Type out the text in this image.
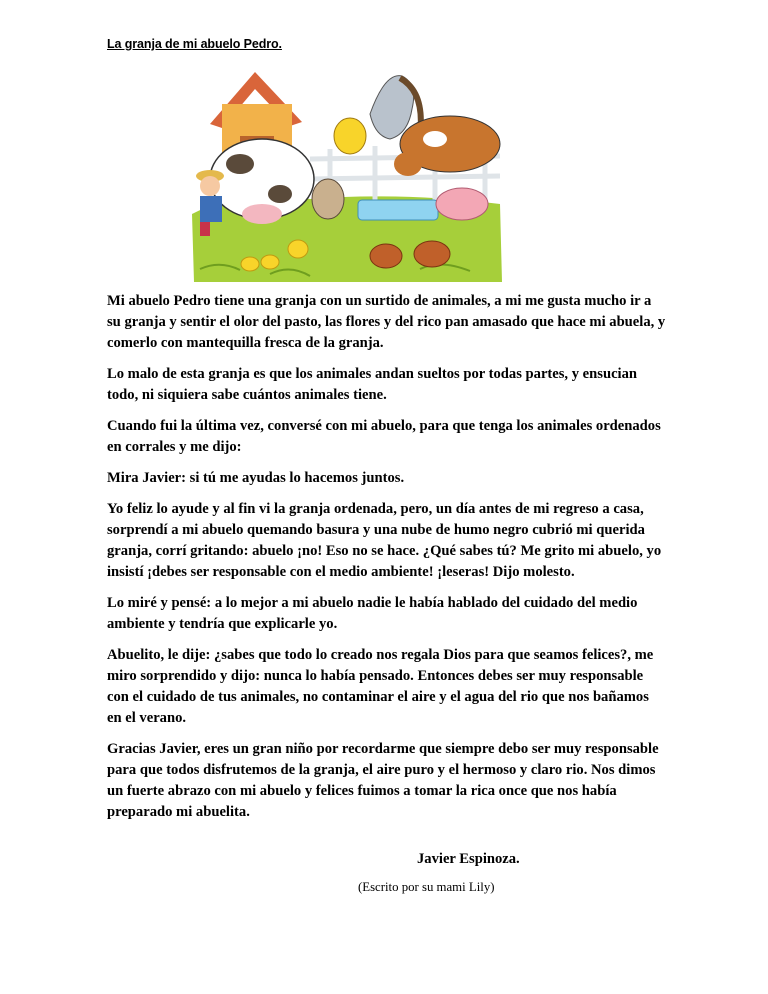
La granja de mi abuelo Pedro.

Mi abuelo Pedro tiene una granja con un surtido de animales, a mi me gusta mucho ir a su granja y sentir el olor del pasto, las flores y del rico pan amasado que hace mi abuela, y comerlo con mantequilla fresca de la granja.

Lo malo de esta granja es que los animales andan sueltos por todas partes, y ensucian todo, ni siquiera sabe cuántos animales tiene.

Cuando fui la última vez, conversé con mi abuelo, para que tenga los animales ordenados en corrales y me dijo:

Mira Javier: si tú me ayudas lo hacemos juntos.

Yo feliz lo ayude y al fin vi la granja ordenada, pero, un día antes de mi regreso a casa, sorprendí a mi abuelo quemando basura y una nube de humo negro cubrió mi querida granja, corrí gritando: abuelo ¡no! Eso no se hace. ¿Qué sabes tú? Me grito mi abuelo, yo insistí ¡debes ser responsable con el medio ambiente! ¡leseras! Dijo molesto.

Lo miré y pensé: a lo mejor a mi abuelo nadie le había hablado del cuidado del medio ambiente y tendría que explicarle yo.

Abuelito, le dije: ¿sabes que todo lo creado nos regala Dios para que seamos felices?, me miro sorprendido y dijo: nunca lo había pensado. Entonces debes ser muy responsable con el cuidado de tus animales, no contaminar el aire y el agua del rio que nos bañamos en el verano.

Gracias Javier, eres un gran niño por recordarme que siempre debo ser muy responsable para que todos disfrutemos de la granja, el aire puro y el hermoso y claro rio. Nos dimos un fuerte abrazo con mi abuelo y felices fuimos a tomar la rica once que nos había preparado mi abuelita.

Javier Espinoza.
(Escrito por su mami Lily)
